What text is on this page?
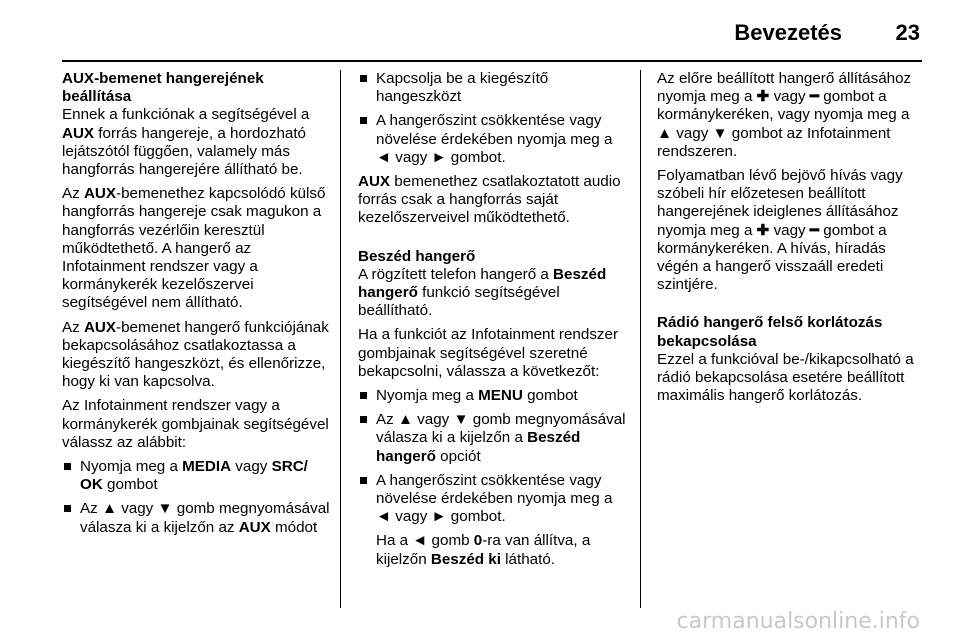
Bevezetés 23
AUX-bemenet hangerejének beállítása

Ennek a funkciónak a segítségével a AUX forrás hangereje, a hordozható lejátszótól függően, valamely más hangforrás hangerejére állítható be.

Az AUX-bemenethez kapcsolódó külső hangforrás hangereje csak magukon a hangforrás vezérlőin keresztül működtethető. A hangerő az Infotainment rendszer vagy a kormánykerék kezelőszervei segítségével nem állítható.

Az AUX-bemenet hangerő funkciójának bekapcsolásához csatlakoztassa a kiegészítő hangeszközt, és ellenőrizze, hogy ki van kapcsolva.

Az Infotainment rendszer vagy a kormánykerék gombjainak segítségével válassz az alábbit:

Nyomja meg a MEDIA vagy SRC/ OK gombot
Az ▲ vagy ▼ gomb megnyomásával válasza ki a kijelzőn az AUX módot
Kapcsolja be a kiegészítő hangeszközt
A hangerőszint csökkentése vagy növelése érdekében nyomja meg a ◄ vagy ► gombot.

AUX bemenethez csatlakoztatott audio forrás csak a hangforrás saját kezelőszerveivel működtethető.

Beszéd hangerő

A rögzített telefon hangerő a Beszéd hangerő funkció segítségével beállítható.

Ha a funkciót az Infotainment rendszer gombjainak segítségével szeretné bekapcsolni, válassza a következőt:

Nyomja meg a MENU gombot
Az ▲ vagy ▼ gomb megnyomásával válasza ki a kijelzőn a Beszéd hangerő opciót
A hangerőszint csökkentése vagy növelése érdekében nyomja meg a ◄ vagy ► gombot.
Ha a ◄ gomb 0-ra van állítva, a kijelzőn Beszéd ki látható.

Az előre beállított hangerő állításához nyomja meg a ✚ vagy ━ gombot a kormánykeréken, vagy nyomja meg a ▲ vagy ▼ gombot az Infotainment rendszeren.

Folyamatban lévő bejövő hívás vagy szóbeli hír előzetesen beállított hangerejének ideiglenes állításához nyomja meg a ✚ vagy ━ gombot a kormánykeréken. A hívás, híradás végén a hangerő visszaáll eredeti szintjére.

Rádió hangerő felső korlátozás bekapcsolása

Ezzel a funkcióval be-/kikapcsolható a rádió bekapcsolása esetére beállított maximális hangerő korlátozás.

carmanualsonline.info
